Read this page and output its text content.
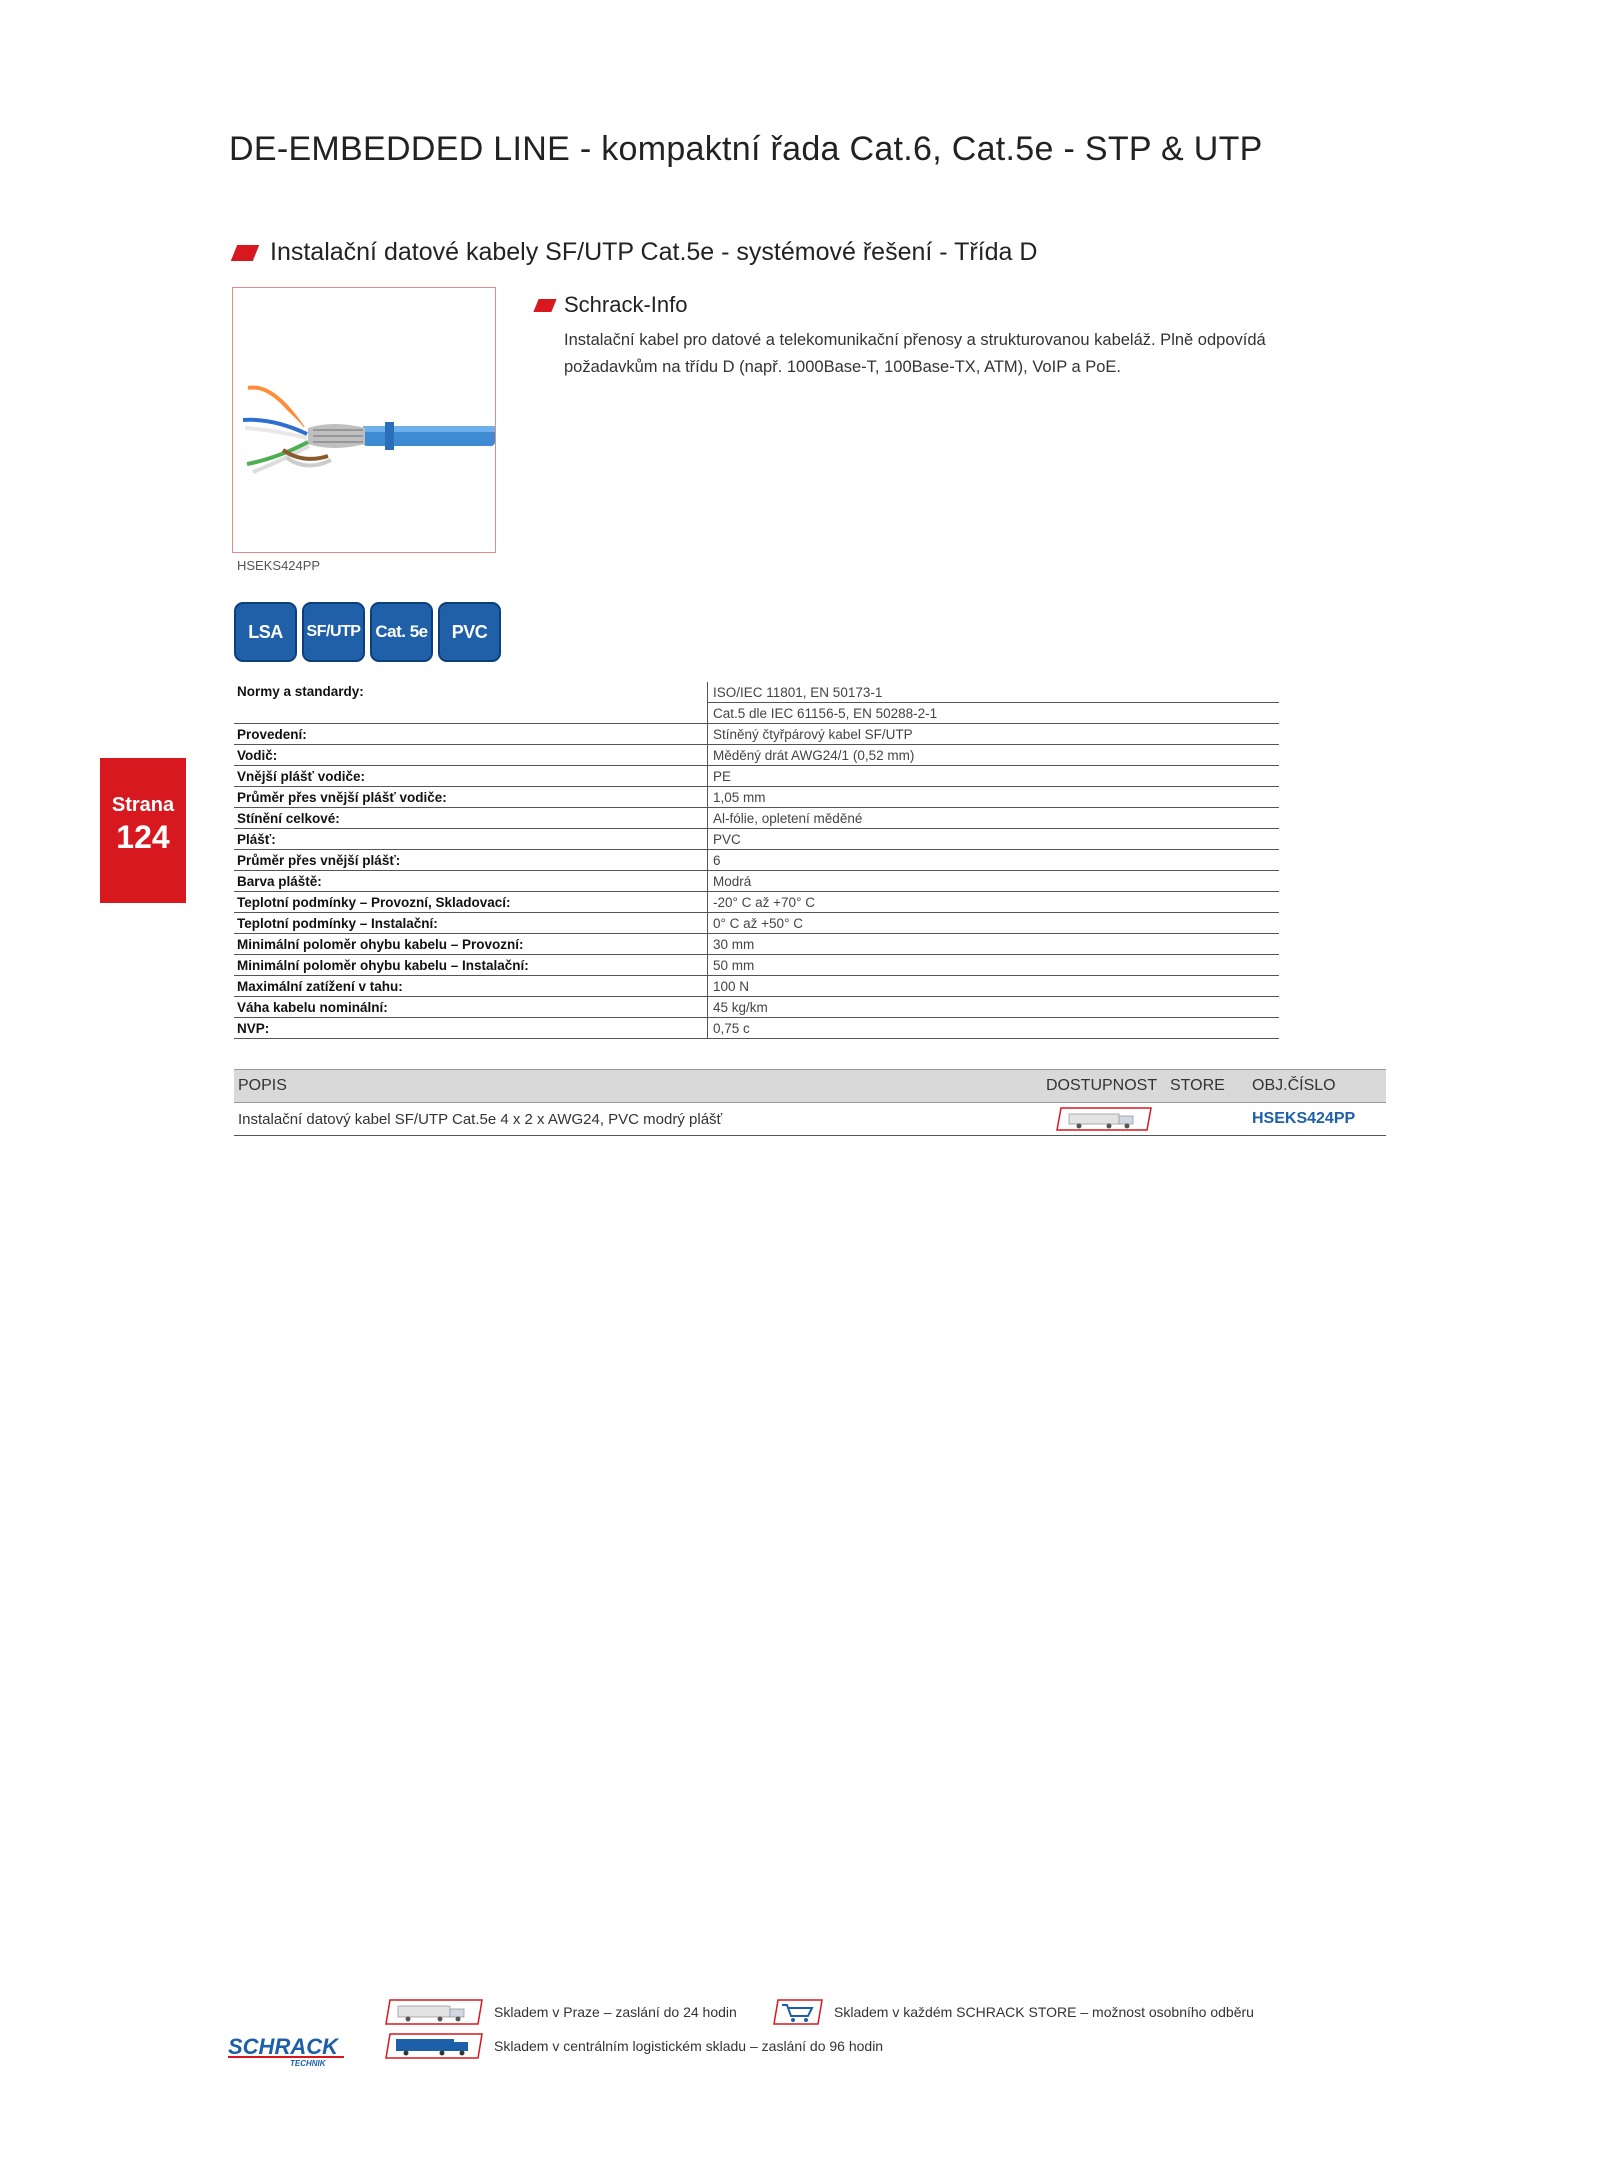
DE-EMBEDDED LINE - kompaktní řada Cat.6, Cat.5e - STP & UTP
Instalační datové kabely SF/UTP Cat.5e - systémové řešení - Třída D
HSEKS424PP
Schrack-Info
Instalační kabel pro datové a telekomunikační přenosy a strukturovanou kabeláž. Plně odpovídá
požadavkům na třídu D (např. 1000Base-T, 100Base-TX, ATM), VoIP a PoE.
LSA	SF/UTP Cat. 5e	PVC
Normy a standardy:	ISO/IEC 11801, EN 50173-1
	Cat.5 dle IEC 61156-5, EN 50288-2-1
Provedení:	Stíněný čtyřpárový kabel SF/UTP
Vodič:	Měděný drát AWG24/1 (0,52 mm)
Vnější plášť vodiče:	PE
Průměr přes vnější plášť vodiče:	1,05 mm
Stínění celkové:	Al-fólie, opletení měděné
Plášť:	PVC
Průměr přes vnější plášť:	6
Barva pláště:	Modrá
Teplotní podmínky – Provozní, Skladovací:	-20° C až +70° C
Teplotní podmínky – Instalační:	0° C až +50° C
Minimální poloměr ohybu kabelu – Provozní:	30 mm
Minimální poloměr ohybu kabelu – Instalační:	50 mm
Maximální zatížení v tahu:	100 N
Váha kabelu nominální:	45 kg/km
NVP:	0,75 c
Strana
124
POPIS	DOSTUPNOST	STORE	OBJ.ČÍSLO
Instalační datový kabel SF/UTP Cat.5e 4 x 2 x AWG24, PVC modrý plášť			HSEKS424PP
SCHRACK
TECHNIK
Skladem v Praze – zaslání do 24 hodin	Skladem v každém SCHRACK STORE – možnost osobního odběru
Skladem v centrálním logistickém skladu – zaslání do 96 hodin
